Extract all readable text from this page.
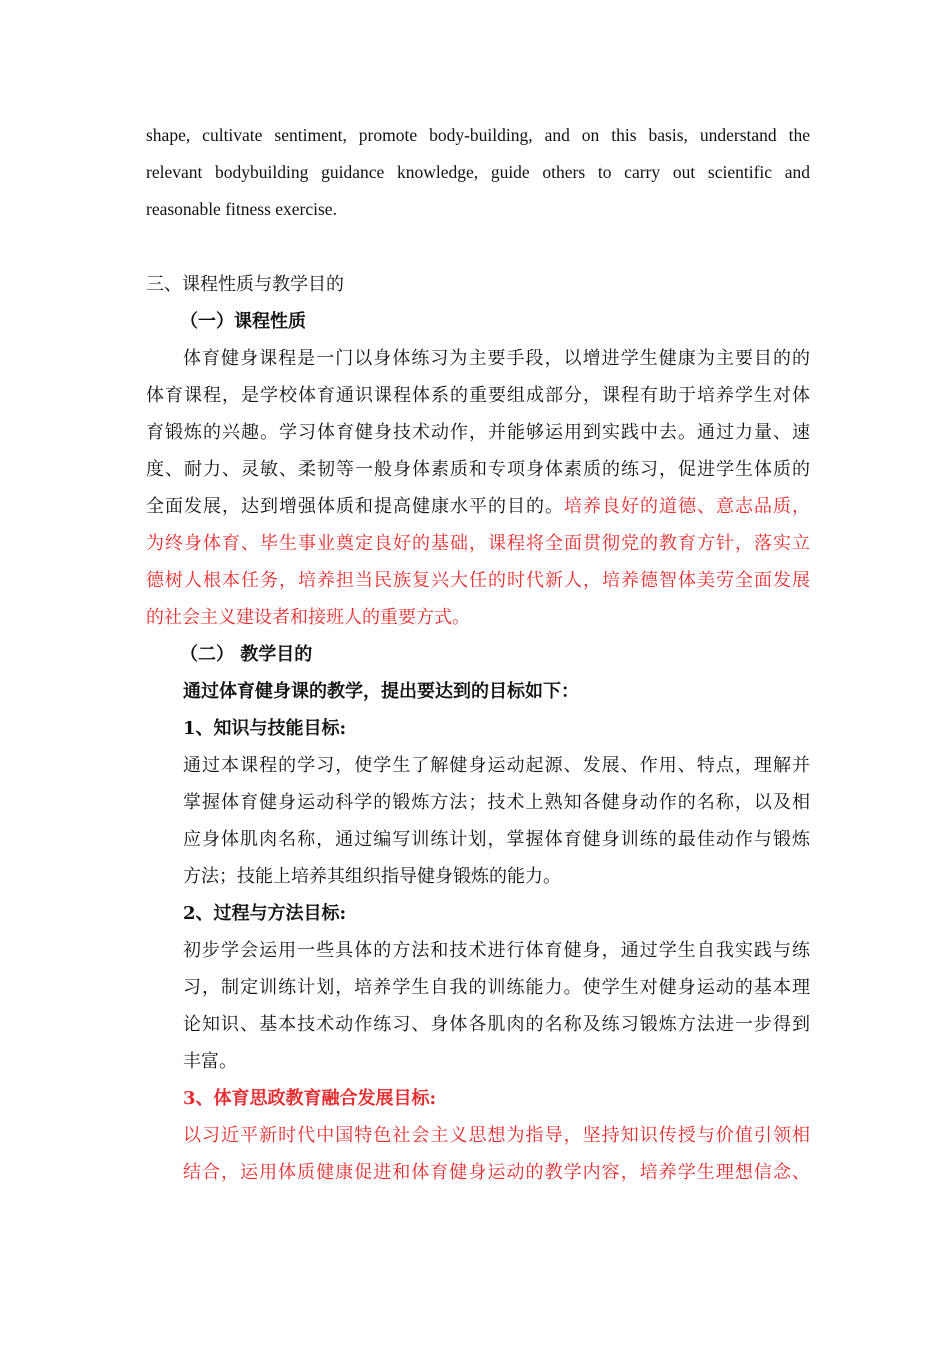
shape, cultivate sentiment, promote body-building, and on this basis, understand the
relevant bodybuilding guidance knowledge, guide others to carry out scientific and
reasonable fitness exercise.
三、课程性质与教学目的
（一）课程性质
体育健身课程是一门以身体练习为主要手段，以增进学生健康为主要目的的
体育课程，是学校体育通识课程体系的重要组成部分，课程有助于培养学生对体
育锻炼的兴趣。学习体育健身技术动作，并能够运用到实践中去。通过力量、速
度、耐力、灵敏、柔韧等一般身体素质和专项身体素质的练习，促进学生体质的
全面发展，达到增强体质和提高健康水平的目的。培养良好的道德、意志品质，
为终身体育、毕生事业奠定良好的基础，课程将全面贯彻党的教育方针，落实立
德树人根本任务，培养担当民族复兴大任的时代新人，培养德智体美劳全面发展
的社会主义建设者和接班人的重要方式。
（二） 教学目的
通过体育健身课的教学，提出要达到的目标如下：
1、知识与技能目标:
通过本课程的学习，使学生了解健身运动起源、发展、作用、特点，理解并
掌握体育健身运动科学的锻炼方法；技术上熟知各健身动作的名称，以及相
应身体肌肉名称，通过编写训练计划，掌握体育健身训练的最佳动作与锻炼
方法；技能上培养其组织指导健身锻炼的能力。
2、过程与方法目标:
初步学会运用一些具体的方法和技术进行体育健身，通过学生自我实践与练
习，制定训练计划，培养学生自我的训练能力。使学生对健身运动的基本理
论知识、基本技术动作练习、身体各肌肉的名称及练习锻炼方法进一步得到
丰富。
3、体育思政教育融合发展目标:
以习近平新时代中国特色社会主义思想为指导，坚持知识传授与价值引领相
结合，运用体质健康促进和体育健身运动的教学内容，培养学生理想信念、
